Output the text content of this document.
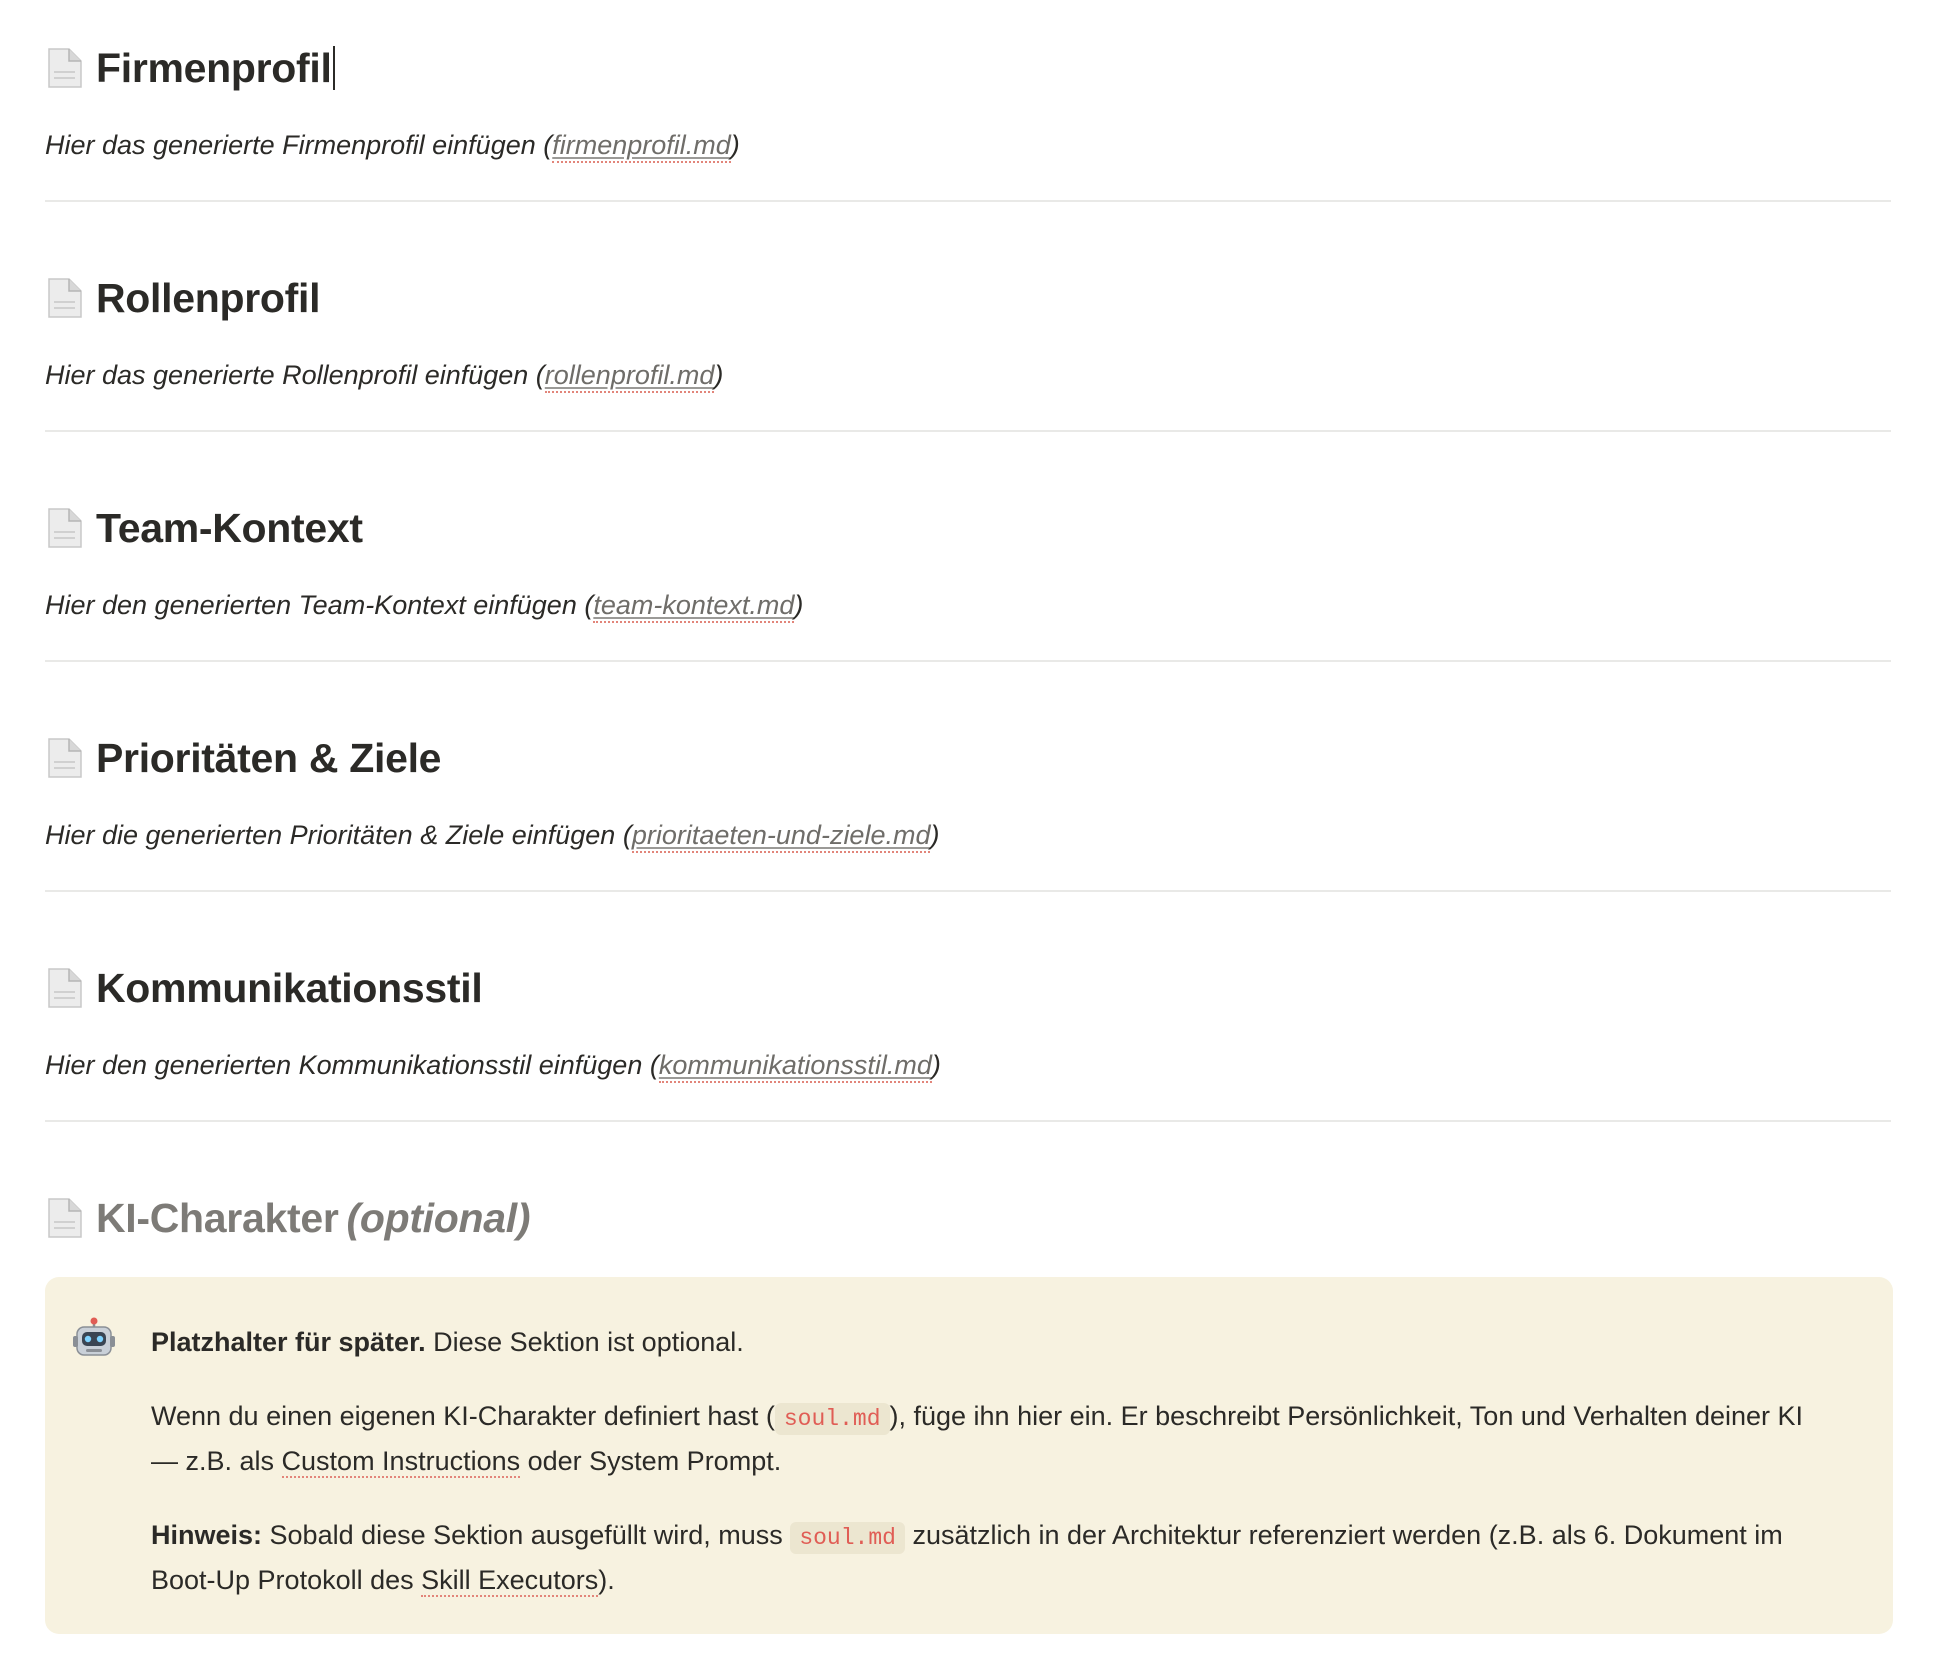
Firmenprofil
Hier das generierte Firmenprofil einfügen (firmenprofil.md)
Rollenprofil
Hier das generierte Rollenprofil einfügen (rollenprofil.md)
Team-Kontext
Hier den generierten Team-Kontext einfügen (team-kontext.md)
Prioritäten & Ziele
Hier die generierten Prioritäten & Ziele einfügen (prioritaeten-und-ziele.md)
Kommunikationsstil
Hier den generierten Kommunikationsstil einfügen (kommunikationsstil.md)
KI-Charakter (optional)

Platzhalter für später. Diese Sektion ist optional.

Wenn du einen eigenen KI-Charakter definiert hast ( soul.md ), füge ihn hier ein. Er beschreibt Persönlichkeit, Ton und Verhalten deiner KI — z.B. als Custom Instructions oder System Prompt.

Hinweis: Sobald diese Sektion ausgefüllt wird, muss soul.md zusätzlich in der Architektur referenziert werden (z.B. als 6. Dokument im Boot-Up Protokoll des Skill Executors).
